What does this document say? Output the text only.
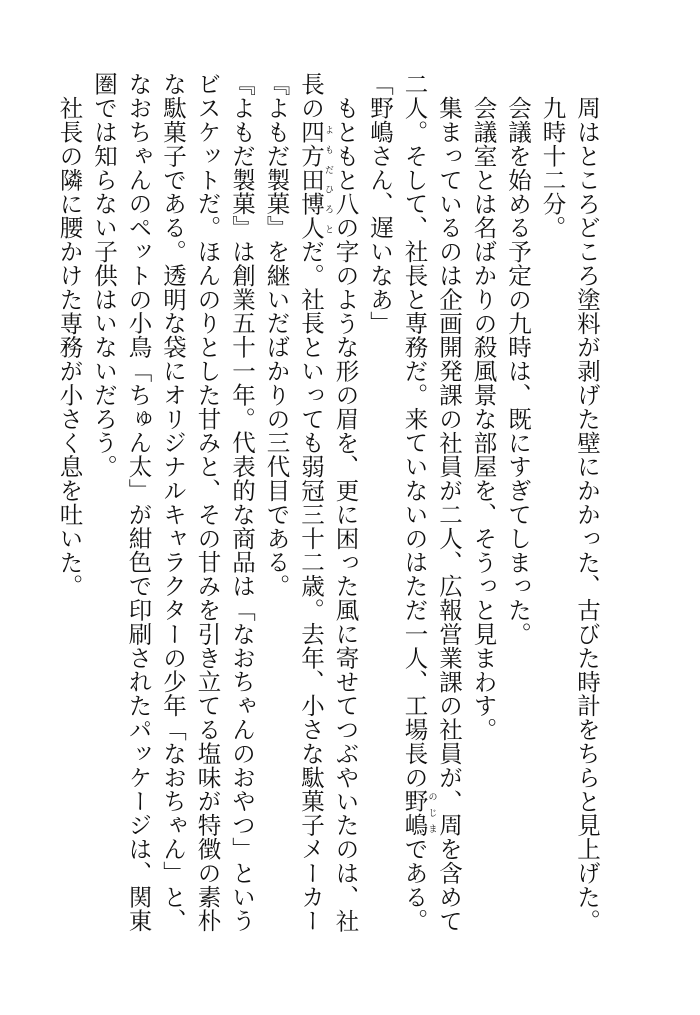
周はところどころ塗料が剥げた壁にかかった、古びた時計をちらと見上げた。

九時十二分。

会議を始める予定の九時は、既にすぎてしまった。

会議室とは名ばかりの殺風景な部屋を、そうっと見まわす。

集まっているのは企画開発課の社員が二人、広報営業課の社員が、周を含めて二人。そして、社長と専務だ。来ていないのはただ一人、工場長の野嶋のじまである。

「野嶋さん、遅いなあ」

もともと八の字のような形の眉を、更に困った風に寄せてつぶやいたのは、社長の四方田博人よもだひろとだ。社長といっても弱冠三十二歳。去年、小さな駄菓子メーカー『よもだ製菓』を継いだばかりの三代目である。

『よもだ製菓』は創業五十一年。代表的な商品は「なおちゃんのおやつ」というビスケットだ。ほんのりとした甘みと、その甘みを引き立てる塩味が特徴の素朴な駄菓子である。透明な袋にオリジナルキャラクターの少年「なおちゃん」と、なおちゃんのペットの小鳥「ちゅん太」が紺色で印刷されたパッケージは、関東圏では知らない子供はいないだろう。

社長の隣に腰かけた専務が小さく息を吐いた。
